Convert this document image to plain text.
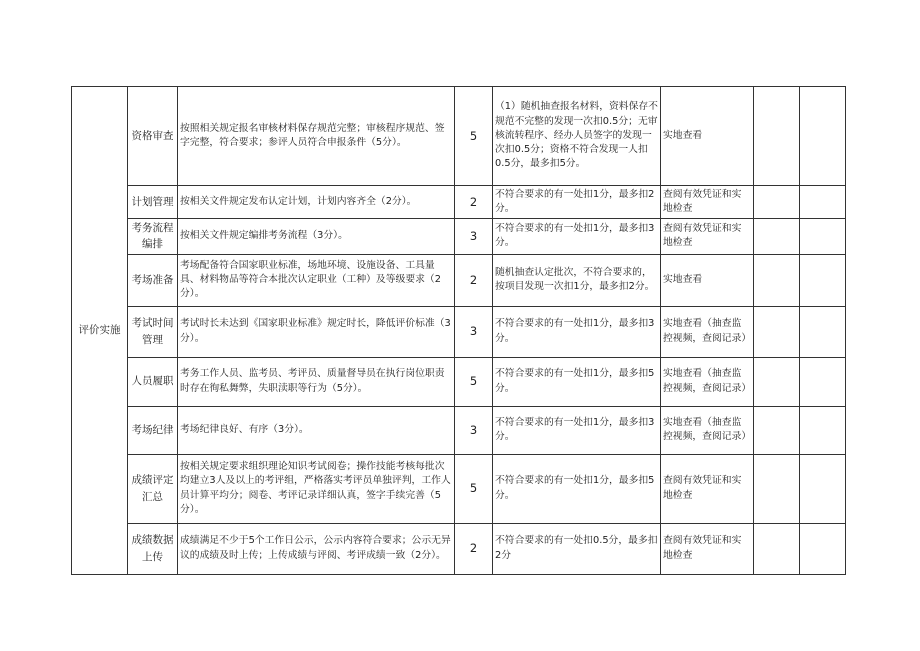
评价实施	资格审查	按照相关规定报名审核材料保存规范完整；审核程序规范、签字完整，符合要求；参评人员符合申报条件（5分）。	5	（1）随机抽查报名材料，资料保存不规范不完整的发现一次扣0.5分；无审核流转程序、经办人员签字的发现一次扣0.5分；资格不符合发现一人扣0.5分，最多扣5分。	实地查看		
	计划管理	按相关文件规定发布认定计划，计划内容齐全（2分）。	2	不符合要求的有一处扣1分，最多扣2分。	查阅有效凭证和实地检查		
	考务流程编排	按相关文件规定编排考务流程（3分）。	3	不符合要求的有一处扣1分，最多扣3分。	查阅有效凭证和实地检查		
	考场准备	考场配备符合国家职业标准，场地环境、设施设备、工具量具、材料物品等符合本批次认定职业（工种）及等级要求（2分）。	2	随机抽查认定批次，不符合要求的，按项目发现一次扣1分，最多扣2分。	实地查看		
	考试时间管理	考试时长未达到《国家职业标准》规定时长，降低评价标准（3分）。	3	不符合要求的有一处扣1分，最多扣3分。	实地查看（抽查监控视频，查阅记录）		
	人员履职	考务工作人员、监考员、考评员、质量督导员在执行岗位职责时存在徇私舞弊，失职渎职等行为（5分）。	5	不符合要求的有一处扣1分，最多扣5分。	实地查看（抽查监控视频，查阅记录）		
	考场纪律	考场纪律良好、有序（3分）。	3	不符合要求的有一处扣1分，最多扣3分。	实地查看（抽查监控视频，查阅记录）		
	成绩评定汇总	按相关规定要求组织理论知识考试阅卷；操作技能考核每批次均建立3人及以上的考评组，严格落实考评员单独评判，工作人员计算平均分；阅卷、考评记录详细认真，签字手续完善（5分）。	5	不符合要求的有一处扣1分，最多扣5分。	查阅有效凭证和实地检查		
	成绩数据上传	成绩满足不少于5个工作日公示，公示内容符合要求；公示无异议的成绩及时上传；上传成绩与评阅、考评成绩一致（2分）。	2	不符合要求的有一处扣0.5分，最多扣2分	查阅有效凭证和实地检查		
